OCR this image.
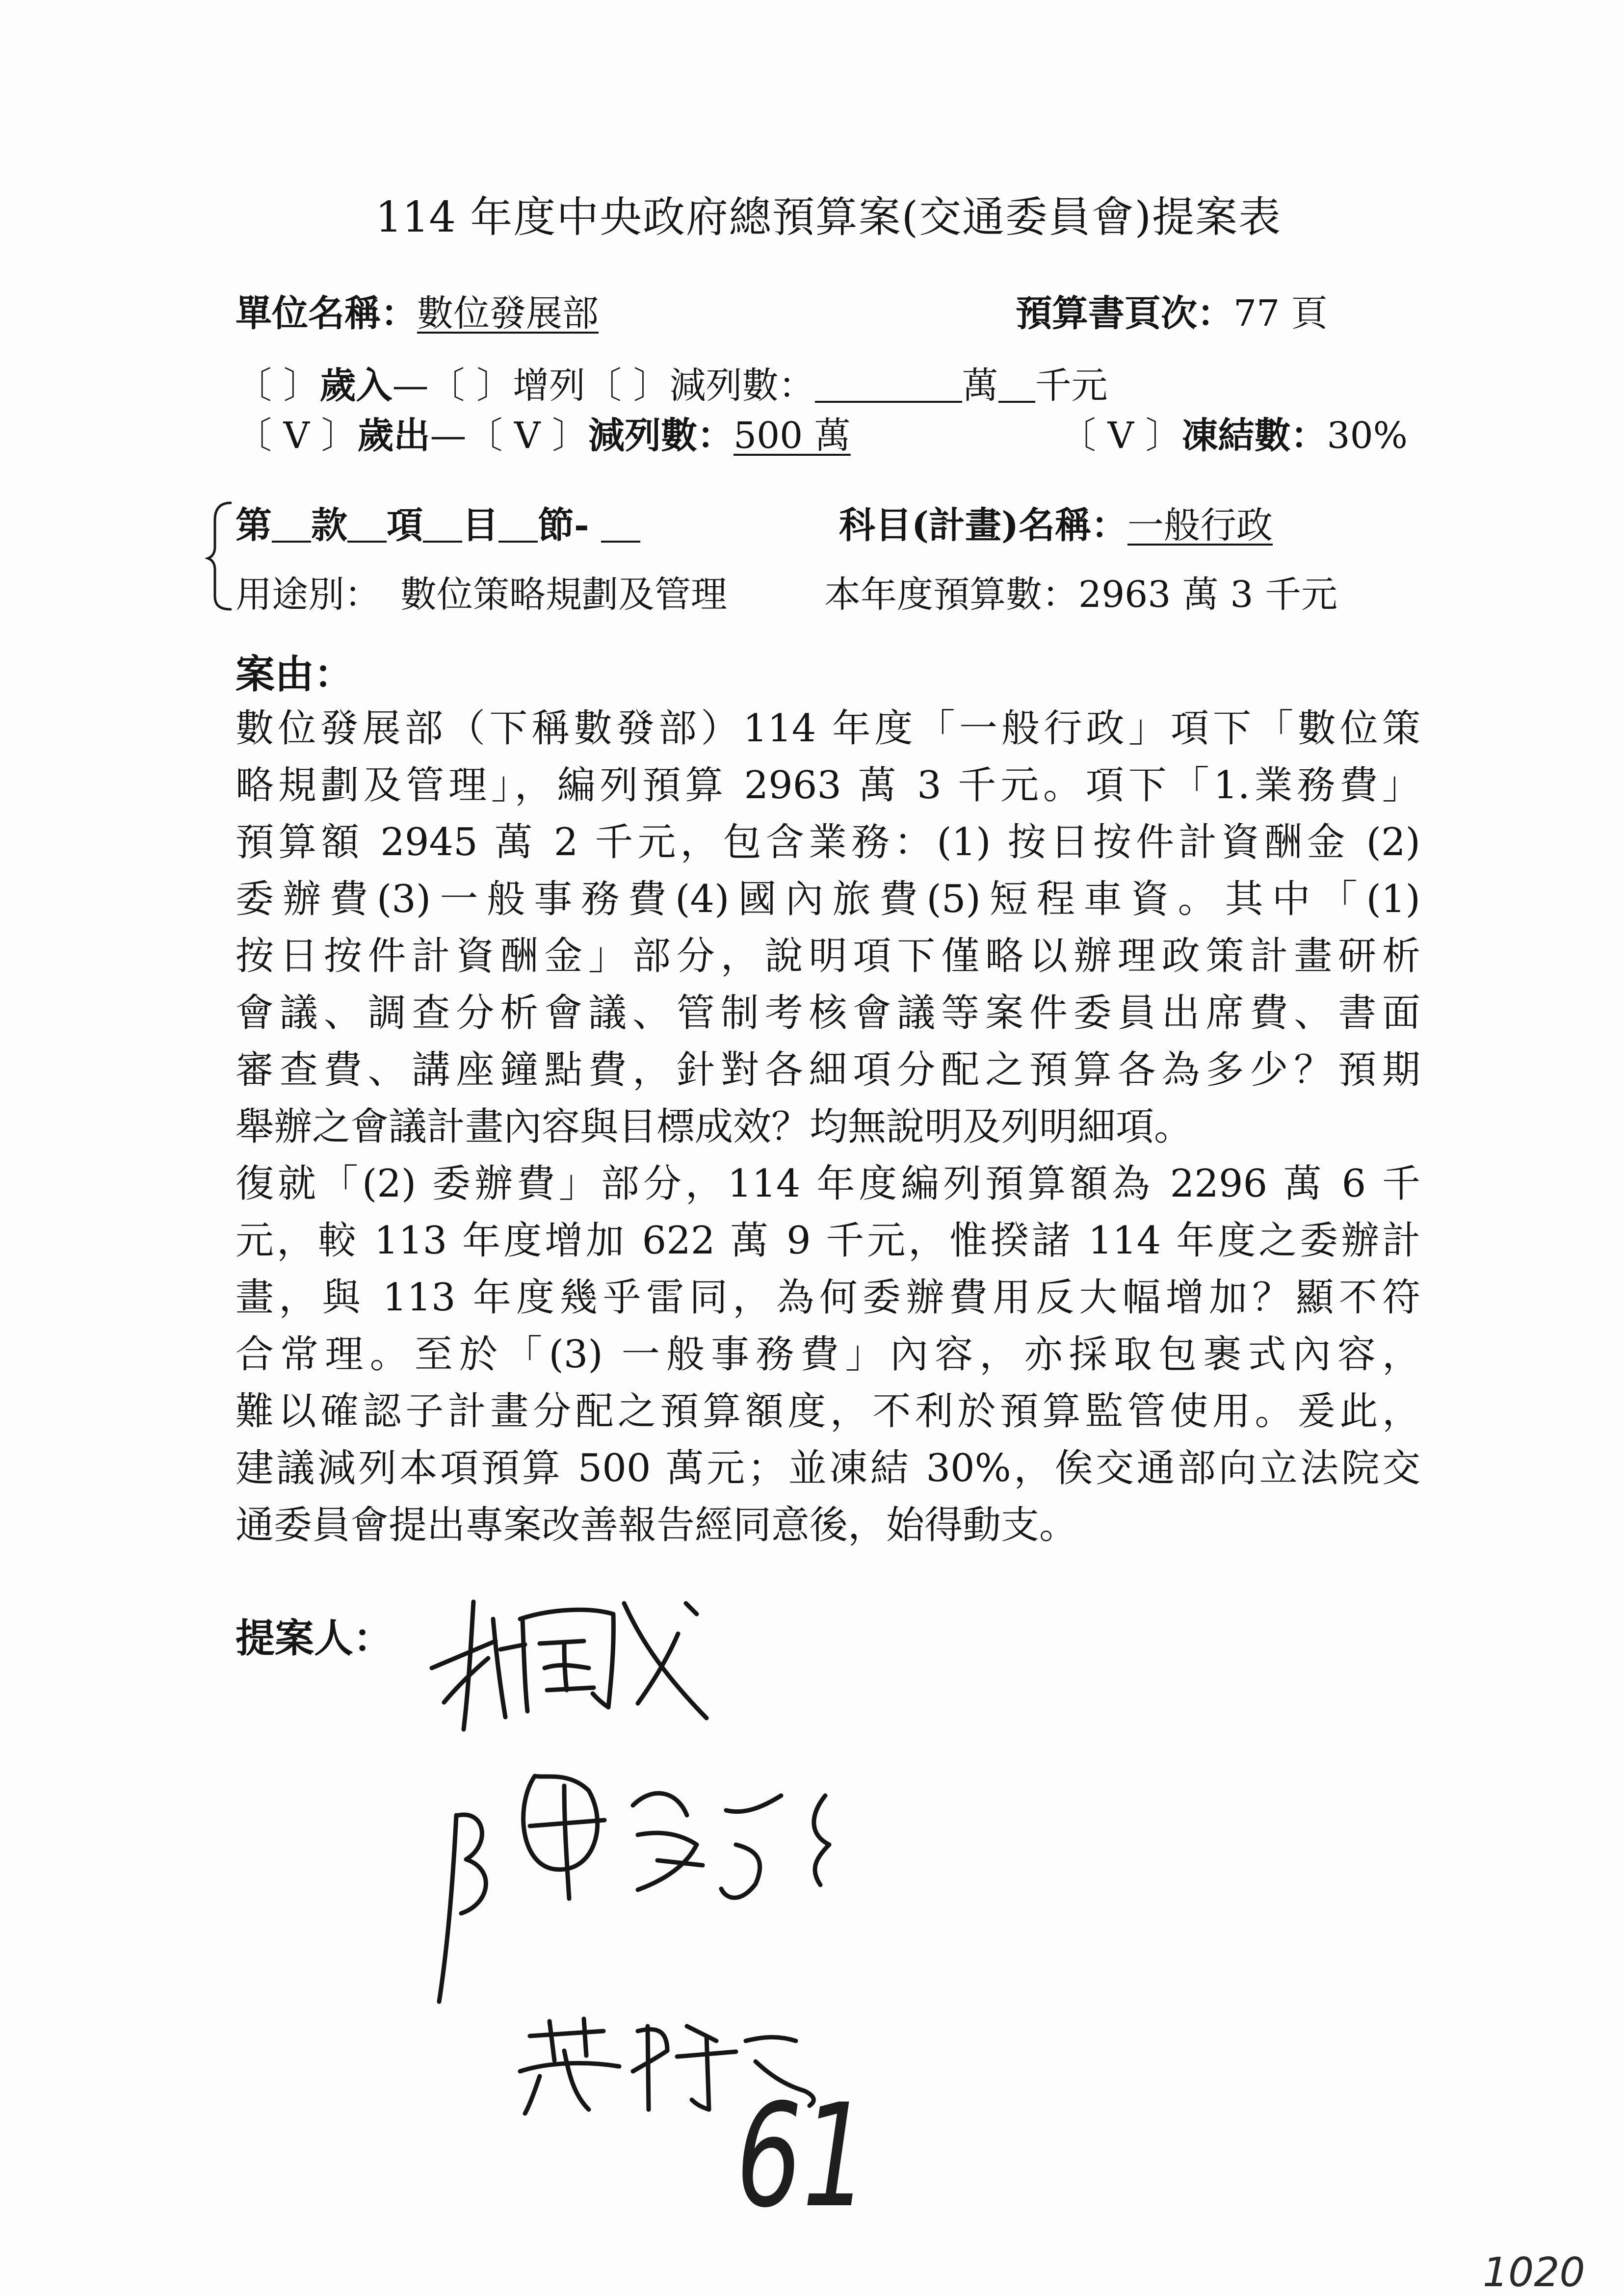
114 年度中央政府總預算案(交通委員會)提案表
單位名稱：數位發展部	預算書頁次：77 頁
〔 〕歲入—〔 〕增列〔 〕減列數：	萬 千元
〔 V 〕歲出—〔 V 〕減列數：500 萬	〔 V 〕凍結數：30%
第 款 項 目 節-	科目(計畫)名稱：一般行政
用途別： 數位策略規劃及管理	本年度預算數：2963 萬 3 千元
案由：
數位發展部（下稱數發部）114 年度「一般行政」項下「數位策
略規劃及管理」，編列預算 2963 萬 3 千元。項下「1.業務費」
預算額 2945 萬 2 千元，包含業務：(1) 按日按件計資酬金 (2)
委辦費(3)一般事務費(4)國內旅費(5)短程車資。其中「(1)
按日按件計資酬金」部分，說明項下僅略以辦理政策計畫研析
會議、調查分析會議、管制考核會議等案件委員出席費、書面
審查費、講座鐘點費，針對各細項分配之預算各為多少？預期
舉辦之會議計畫內容與目標成效？均無說明及列明細項。
復就「(2) 委辦費」部分，114 年度編列預算額為 2296 萬 6 千
元，較 113 年度增加 622 萬 9 千元，惟揆諸 114 年度之委辦計
畫，與 113 年度幾乎雷同，為何委辦費用反大幅增加？顯不符
合常理。至於「(3) 一般事務費」內容，亦採取包裹式內容，
難以確認子計畫分配之預算額度，不利於預算監管使用。爰此，
建議減列本項預算 500 萬元；並凍結 30%，俟交通部向立法院交
通委員會提出專案改善報告經同意後，始得動支。
提案人：
61
1020
